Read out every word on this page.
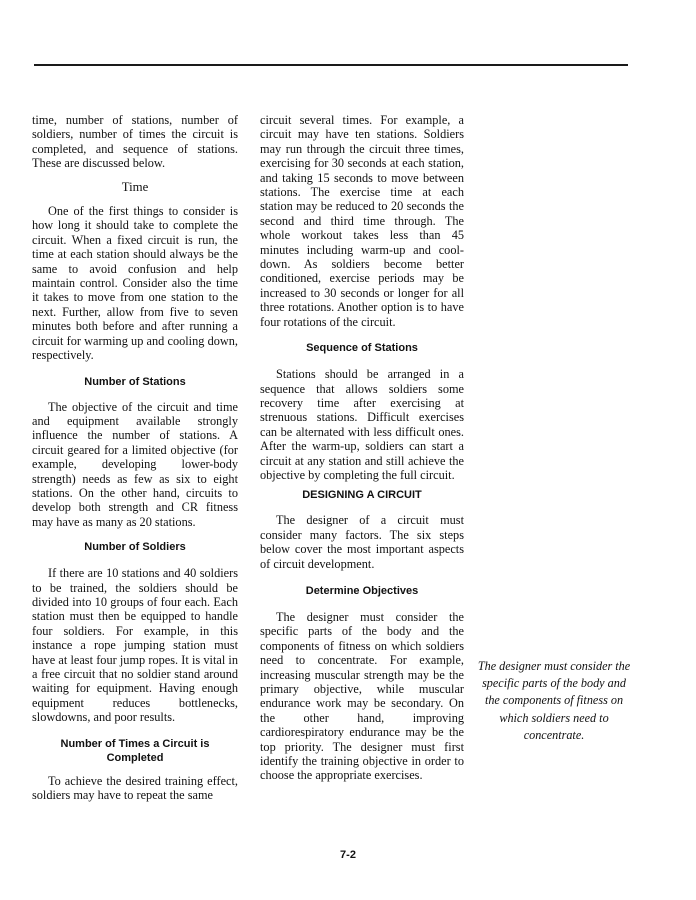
time, number of stations, number of soldiers, number of times the circuit is completed, and sequence of stations. These are discussed below.

Time

One of the first things to consider is how long it should take to complete the circuit. When a fixed circuit is run, the time at each station should always be the same to avoid confusion and help maintain control. Consider also the time it takes to move from one station to the next. Further, allow from five to seven minutes both before and after running a circuit for warming up and cooling down, respectively.

Number of Stations

The objective of the circuit and time and equipment available strongly influence the number of stations. A circuit geared for a limited objective (for example, developing lower-body strength) needs as few as six to eight stations. On the other hand, circuits to develop both strength and CR fitness may have as many as 20 stations.

Number of Soldiers

If there are 10 stations and 40 soldiers to be trained, the soldiers should be divided into 10 groups of four each. Each station must then be equipped to handle four soldiers. For example, in this instance a rope jumping station must have at least four jump ropes. It is vital in a free circuit that no soldier stand around waiting for equipment. Having enough equipment reduces bottlenecks, slowdowns, and poor results.

Number of Times a Circuit is Completed

To achieve the desired training effect, soldiers may have to repeat the same

circuit several times. For example, a circuit may have ten stations. Soldiers may run through the circuit three times, exercising for 30 seconds at each station, and taking 15 seconds to move between stations. The exercise time at each station may be reduced to 20 seconds the second and third time through. The whole workout takes less than 45 minutes including warm-up and cool-down. As soldiers become better conditioned, exercise periods may be increased to 30 seconds or longer for all three rotations. Another option is to have four rotations of the circuit.

Sequence of Stations

Stations should be arranged in a sequence that allows soldiers some recovery time after exercising at strenuous stations. Difficult exercises can be alternated with less difficult ones. After the warm-up, soldiers can start a circuit at any station and still achieve the objective by completing the full circuit.

DESIGNING A CIRCUIT

The designer of a circuit must consider many factors. The six steps below cover the most important aspects of circuit development.

Determine Objectives

The designer must consider the specific parts of the body and the components of fitness on which soldiers need to concentrate. For example, increasing muscular strength may be the primary objective, while muscular endurance work may be secondary. On the other hand, improving cardiorespiratory endurance may be the top priority. The designer must first identify the training objective in order to choose the appropriate exercises.

The designer must consider the specific parts of the body and the components of fitness on which soldiers need to concentrate.
7-2
